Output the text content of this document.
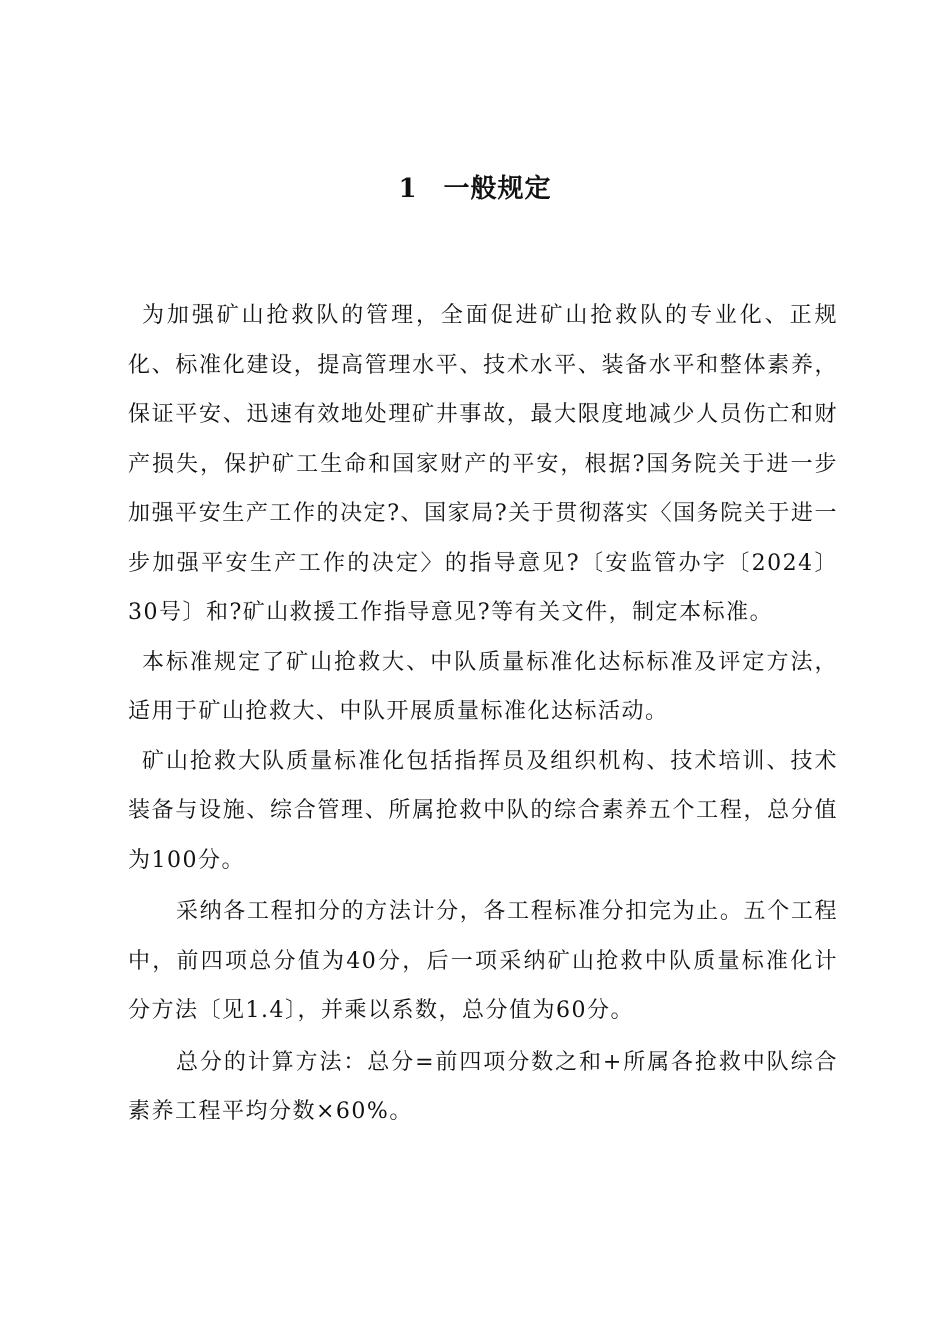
1 一般规定

为加强矿山抢救队的管理，全面促进矿山抢救队的专业化、正规化、标准化建设，提高管理水平、技术水平、装备水平和整体素养，保证平安、迅速有效地处理矿井事故，最大限度地减少人员伤亡和财产损失，保护矿工生命和国家财产的平安，根据?国务院关于进一步加强平安生产工作的决定?、国家局?关于贯彻落实〈国务院关于进一步加强平安生产工作的决定〉的指导意见?〔安监管办字〔2024〕30号〕和?矿山救援工作指导意见?等有关文件，制定本标准。

本标准规定了矿山抢救大、中队质量标准化达标标准及评定方法，适用于矿山抢救大、中队开展质量标准化达标活动。

矿山抢救大队质量标准化包括指挥员及组织机构、技术培训、技术装备与设施、综合管理、所属抢救中队的综合素养五个工程，总分值为100分。

采纳各工程扣分的方法计分，各工程标准分扣完为止。五个工程中，前四项总分值为40分，后一项采纳矿山抢救中队质量标准化计分方法〔见1.4〕，并乘以系数，总分值为60分。

总分的计算方法：总分=前四项分数之和+所属各抢救中队综合素养工程平均分数×60%。
